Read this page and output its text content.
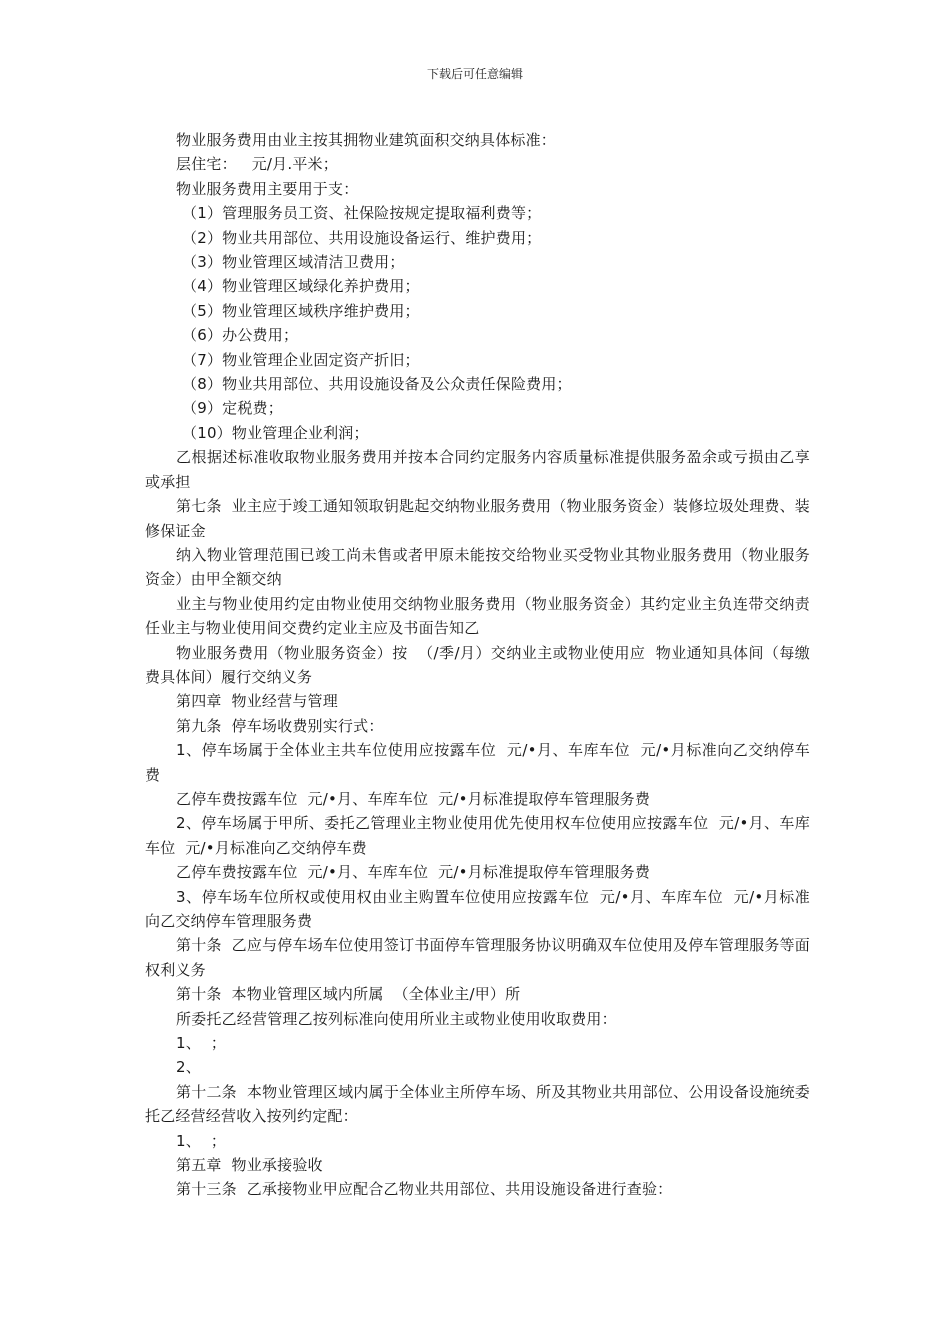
下载后可任意编辑

物业服务费用由业主按其拥物业建筑面积交纳具体标准：

层住宅：   元/月.平米；

物业服务费用主要用于支：

（1）管理服务员工资、社保险按规定提取福利费等；

（2）物业共用部位、共用设施设备运行、维护费用；

（3）物业管理区域清洁卫费用；

（4）物业管理区域绿化养护费用；

（5）物业管理区域秩序维护费用；

（6）办公费用；

（7）物业管理企业固定资产折旧；

（8）物业共用部位、共用设施设备及公众责任保险费用；

（9）定税费；

（10）物业管理企业利润；

乙根据述标准收取物业服务费用并按本合同约定服务内容质量标准提供服务盈余或亏损由乙享或承担

第七条  业主应于竣工通知领取钥匙起交纳物业服务费用（物业服务资金）装修垃圾处理费、装修保证金

纳入物业管理范围已竣工尚未售或者甲原未能按交给物业买受物业其物业服务费用（物业服务资金）由甲全额交纳

业主与物业使用约定由物业使用交纳物业服务费用（物业服务资金）其约定业主负连带交纳责任业主与物业使用间交费约定业主应及书面告知乙

物业服务费用（物业服务资金）按  （/季/月）交纳业主或物业使用应  物业通知具体间（每缴费具体间）履行交纳义务

第四章  物业经营与管理

第九条  停车场收费别实行式：

1、停车场属于全体业主共车位使用应按露车位  元/•月、车库车位  元/•月标准向乙交纳停车费

乙停车费按露车位  元/•月、车库车位  元/•月标准提取停车管理服务费

2、停车场属于甲所、委托乙管理业主物业使用优先使用权车位使用应按露车位  元/•月、车库车位  元/•月标准向乙交纳停车费

乙停车费按露车位  元/•月、车库车位  元/•月标准提取停车管理服务费

3、停车场车位所权或使用权由业主购置车位使用应按露车位  元/•月、车库车位  元/•月标准向乙交纳停车管理服务费

第十条  乙应与停车场车位使用签订书面停车管理服务协议明确双车位使用及停车管理服务等面权利义务

第十条  本物业管理区域内所属  （全体业主/甲）所

所委托乙经营管理乙按列标准向使用所业主或物业使用收取费用：

1、  ；

2、

第十二条  本物业管理区域内属于全体业主所停车场、所及其物业共用部位、公用设备设施统委托乙经营经营收入按列约定配：

1、  ；

第五章  物业承接验收

第十三条  乙承接物业甲应配合乙物业共用部位、共用设施设备进行查验：
